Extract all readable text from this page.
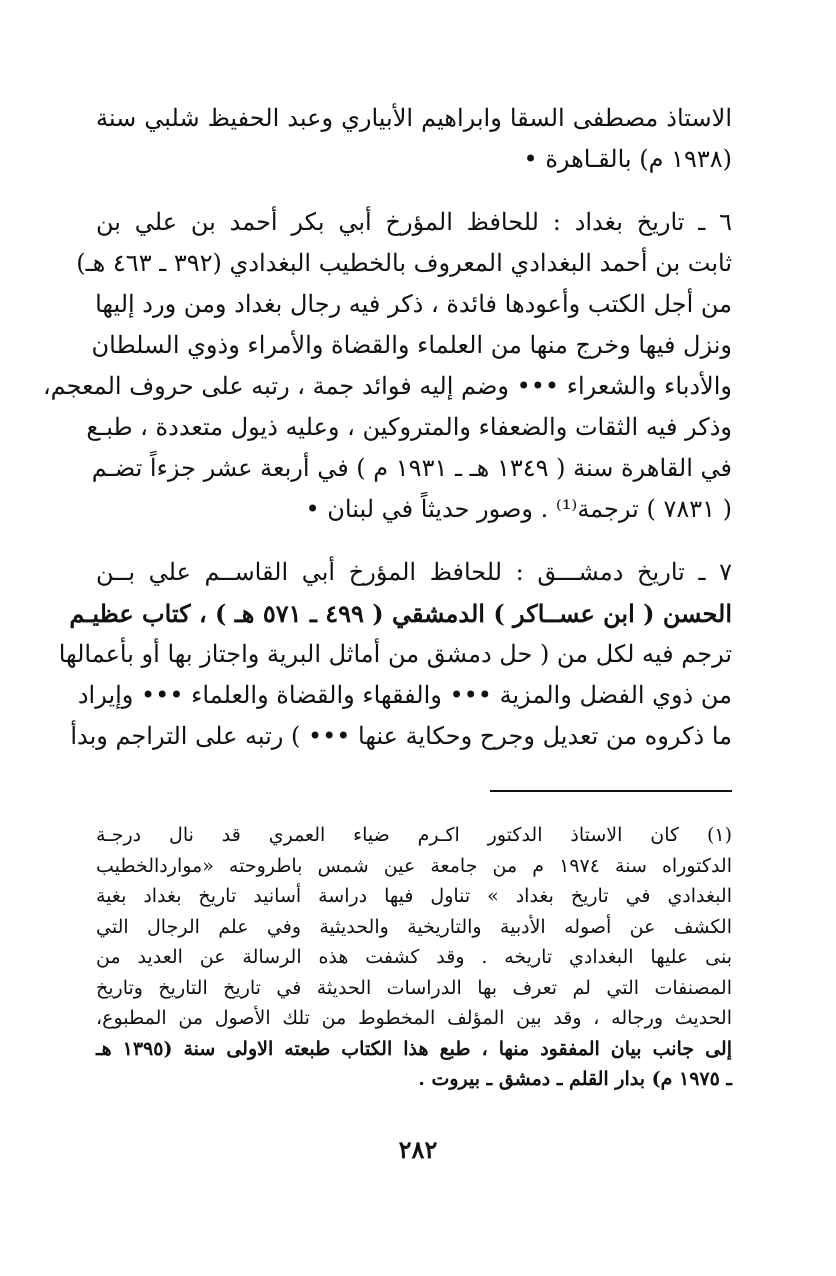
الاستاذ مصطفى السقا وابراهيم الأبياري وعبد الحفيظ شلبي سنة
(١٩٣٨ م) بالقـاهرة •

٦ ـ تاريخ بغداد : للحافظ المؤرخ أبي بكر أحمد بن علي بن
ثابت بن أحمد البغدادي المعروف بالخطيب البغدادي (٣٩٢ ـ ٤٦٣ هـ)
من أجل الكتب وأعودها فائدة ، ذكر فيه رجال بغداد ومن ورد إليها
ونزل فيها وخرج منها من العلماء والقضاة والأمراء وذوي السلطان
والأدباء والشعراء ••• وضم إليه فوائد جمة ، رتبه على حروف المعجم،
وذكر فيه الثقات والضعفاء والمتروكين ، وعليه ذيول متعددة ، طبـع
في القاهرة سنة ( ١٣٤٩ هـ ـ ١٩٣١ م ) في أربعة عشر جزءاً تضـم
( ٧٨٣١ ) ترجمة⁽¹⁾ . وصور حديثاً في لبنان •

٧ ـ تاريخ دمشـــق : للحافظ المؤرخ أبي القاســم علي بــن
الحسن ( ابن عســاكر ) الدمشقي ( ٤٩٩ ـ ٥٧١ هـ ) ، كتاب عظيـم
ترجم فيه لكل من ( حل دمشق من أماثل البرية واجتاز بها أو بأعمالها
من ذوي الفضل والمزية ••• والفقهاء والقضاة والعلماء ••• وإيراد
ما ذكروه من تعديل وجرح وحكاية عنها ••• ) رتبه على التراجم وبدأ

(١) كان الاستاذ الدكتور اكـرم ضياء العمري قد نال درجـة
الدكتوراه سنة ١٩٧٤ م من جامعة عين شمس باطروحته «مواردالخطيب
البغدادي في تاريخ بغداد » تناول فيها دراسة أسانيد تاريخ بغداد بغية
الكشف عن أصوله الأدبية والتاريخية والحديثية وفي علم الرجال التي
بنى عليها البغدادي تاريخه . وقد كشفت هذه الرسالة عن العديد من
المصنفات التي لم تعرف بها الدراسات الحديثة في تاريخ التاريخ وتاريخ
الحديث ورجاله ، وقد بين المؤلف المخطوط من تلك الأصول من المطبوع،
إلى جانب بيان المفقود منها ، طبع هذا الكتاب طبعته الاولى سنة (١٣٩٥ هـ
ـ ١٩٧٥ م) بدار القلم ـ دمشق ـ بيروت .

٢٨٢
